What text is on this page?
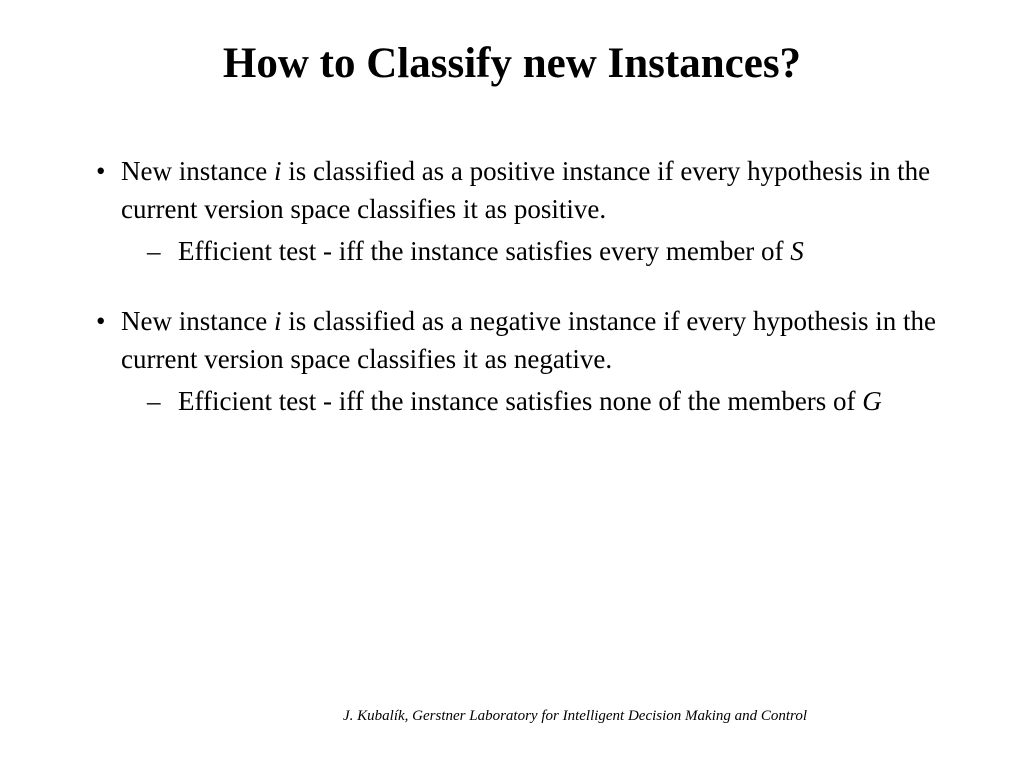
How to Classify new Instances?
• New instance i is classified as a positive instance if every hypothesis in the current version space classifies it as positive.
– Efficient test - iff the instance satisfies every member of S
• New instance i is classified as a negative instance if every hypothesis in the current version space classifies it as negative.
– Efficient test - iff the instance satisfies none of the members of G
J. Kubalík, Gerstner Laboratory for Intelligent Decision Making and Control
